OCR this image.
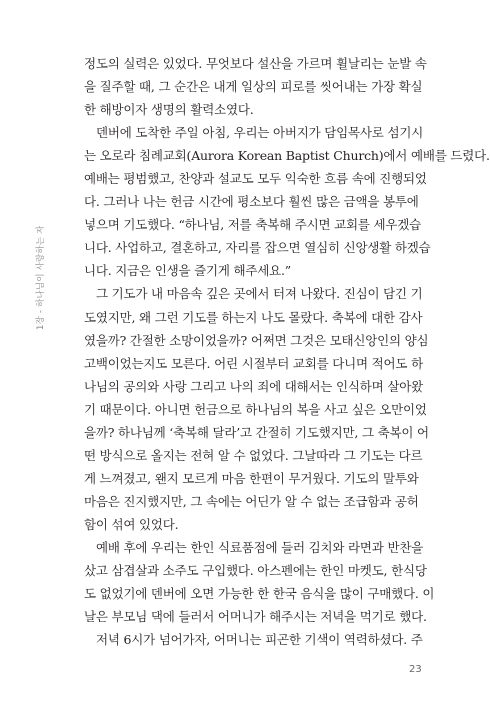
1장 - 하나님이 사랑하는 자
정도의 실력은 있었다. 무엇보다 설산을 가르며 휠날리는 눈발 속
을 질주할 때, 그 순간은 내게 일상의 피로를 씻어내는 가장 확실
한 해방이자 생명의 활력소였다.
덴버에 도착한 주일 아침, 우리는 아버지가 담임목사로 섬기시
는 오로라 침례교회(Aurora Korean Baptist Church)에서 예배를 드렸다.
예배는 평범했고, 찬양과 설교도 모두 익숙한 흐름 속에 진행되었
다. 그러나 나는 헌금 시간에 평소보다 훨씬 많은 금액을 봉투에
넣으며 기도했다. “하나님, 저를 축복해 주시면 교회를 세우겠습
니다. 사업하고, 결혼하고, 자리를 잡으면 열심히 신앙생활 하겠습
니다. 지금은 인생을 즐기게 해주세요.”
그 기도가 내 마음속 깊은 곳에서 터져 나왔다. 진심이 담긴 기
도였지만, 왜 그런 기도를 하는지 나도 몰랐다. 축복에 대한 감사
였을까? 간절한 소망이었을까? 어쩌면 그것은 모태신앙인의 양심
고백이었는지도 모른다. 어린 시절부터 교회를 다니며 적어도 하
나님의 공의와 사랑 그리고 나의 죄에 대해서는 인식하며 살아왔
기 때문이다. 아니면 헌금으로 하나님의 복을 사고 싶은 오만이었
을까? 하나님께 ‘축복해 달라’고 간절히 기도했지만, 그 축복이 어
떤 방식으로 올지는 전혀 알 수 없었다. 그날따라 그 기도는 다르
게 느껴졌고, 왠지 모르게 마음 한편이 무거웠다. 기도의 말투와
마음은 진지했지만, 그 속에는 어딘가 알 수 없는 조급함과 공허
함이 섞여 있었다.
예배 후에 우리는 한인 식료품점에 들러 김치와 라면과 반찬을
샀고 삼겹살과 소주도 구입했다. 아스펜에는 한인 마켓도, 한식당
도 없었기에 덴버에 오면 가능한 한 한국 음식을 많이 구매했다. 이
날은 부모님 댁에 들러서 어머니가 해주시는 저녁을 먹기로 했다.
저녁 6시가 넘어가자, 어머니는 피곤한 기색이 역력하셨다. 주
23
